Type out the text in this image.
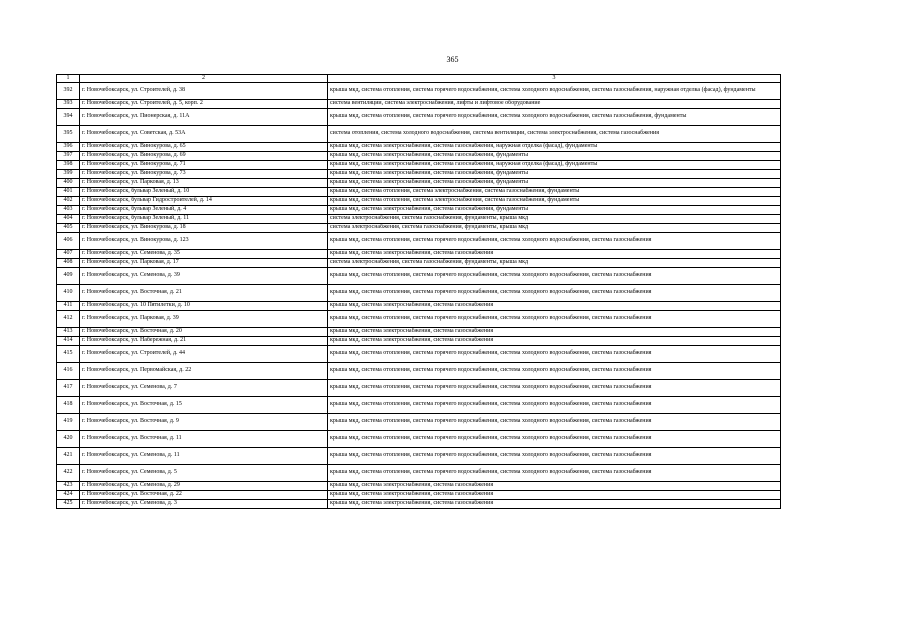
365
1	2	3
392	г. Новочебоксарск, ул. Строителей, д. 38	крыша мкд, система отопления, система горячего водоснабжения, система холодного водоснабжения, система газоснабжения, наружная отделка (фасад), фундаменты
393	г. Новочебоксарск, ул. Строителей, д. 5, корп. 2	система вентиляции, система электроснабжения, лифты и лифтовое оборудование
394	г. Новочебоксарск, ул. Пионерская, д. 11А	крыша мкд, система отопления, система горячего водоснабжения, система холодного водоснабжения, система газоснабжения, фундаменты
395	г. Новочебоксарск, ул. Советская, д. 53А	система отопления, система холодного водоснабжения, система вентиляции, система электроснабжения, система газоснабжения
396	г. Новочебоксарск, ул. Винокурова, д. 65	крыша мкд, система электроснабжения, система газоснабжения, наружная отделка (фасад), фундаменты
397	г. Новочебоксарск, ул. Винокурова, д. 69	крыша мкд, система электроснабжения, система газоснабжения, фундаменты
398	г. Новочебоксарск, ул. Винокурова, д. 71	крыша мкд, система электроснабжения, система газоснабжения, наружная отделка (фасад), фундаменты
399	г. Новочебоксарск, ул. Винокурова, д. 73	крыша мкд, система электроснабжения, система газоснабжения, фундаменты
400	г. Новочебоксарск, ул. Парковая, д. 13	крыша мкд, система электроснабжения, система газоснабжения, фундаменты
401	г. Новочебоксарск, бульвар Зеленый, д. 10	крыша мкд, система отопления, система электроснабжения, система газоснабжения, фундаменты
402	г. Новочебоксарск, бульвар Гидростроителей, д. 14	крыша мкд, система отопления, система электроснабжения, система газоснабжения, фундаменты
403	г. Новочебоксарск, бульвар Зеленый, д. 4	крыша мкд, система электроснабжения, система газоснабжения, фундаменты
404	г. Новочебоксарск, бульвар Зеленый, д. 11	система электроснабжения, система газоснабжения, фундаменты, крыша мкд
405	г. Новочебоксарск, ул. Винокурова, д. 18	система электроснабжения, система газоснабжения, фундаменты, крыша мкд
406	г. Новочебоксарск, ул. Винокурова, д. 123	крыша мкд, система отопления, система горячего водоснабжения, система холодного водоснабжения, система газоснабжения
407	г. Новочебоксарск, ул. Семенова, д. 35	крыша мкд, система электроснабжения, система газоснабжения
408	г. Новочебоксарск, ул. Парковая, д. 17	система электроснабжения, система газоснабжения, фундаменты, крыша мкд
409	г. Новочебоксарск, ул. Семенова, д. 39	крыша мкд, система отопления, система горячего водоснабжения, система холодного водоснабжения, система газоснабжения
410	г. Новочебоксарск, ул. Восточная, д. 21	крыша мкд, система отопления, система горячего водоснабжения, система холодного водоснабжения, система газоснабжения
411	г. Новочебоксарск, ул. 10 Пятилетки, д. 10	крыша мкд, система электроснабжения, система газоснабжения
412	г. Новочебоксарск, ул. Парковая, д. 39	крыша мкд, система отопления, система горячего водоснабжения, система холодного водоснабжения, система газоснабжения
413	г. Новочебоксарск, ул. Восточная, д. 20	крыша мкд, система электроснабжения, система газоснабжения
414	г. Новочебоксарск, ул. Набережная, д. 21	крыша мкд, система электроснабжения, система газоснабжения
415	г. Новочебоксарск, ул. Строителей, д. 44	крыша мкд, система отопления, система горячего водоснабжения, система холодного водоснабжения, система газоснабжения
416	г. Новочебоксарск, ул. Первомайская, д. 22	крыша мкд, система отопления, система горячего водоснабжения, система холодного водоснабжения, система газоснабжения
417	г. Новочебоксарск, ул. Семенова, д. 7	крыша мкд, система отопления, система горячего водоснабжения, система холодного водоснабжения, система газоснабжения
418	г. Новочебоксарск, ул. Восточная, д. 15	крыша мкд, система отопления, система горячего водоснабжения, система холодного водоснабжения, система газоснабжения
419	г. Новочебоксарск, ул. Восточная, д. 9	крыша мкд, система отопления, система горячего водоснабжения, система холодного водоснабжения, система газоснабжения
420	г. Новочебоксарск, ул. Восточная, д. 11	крыша мкд, система отопления, система горячего водоснабжения, система холодного водоснабжения, система газоснабжения
421	г. Новочебоксарск, ул. Семенова, д. 11	крыша мкд, система отопления, система горячего водоснабжения, система холодного водоснабжения, система газоснабжения
422	г. Новочебоксарск, ул. Семенова, д. 5	крыша мкд, система отопления, система горячего водоснабжения, система холодного водоснабжения, система газоснабжения
423	г. Новочебоксарск, ул. Семенова, д. 29	крыша мкд, система электроснабжения, система газоснабжения
424	г. Новочебоксарск, ул. Восточная, д. 22	крыша мкд, система электроснабжения, система газоснабжения
425	г. Новочебоксарск, ул. Семенова, д. 3	крыша мкд, система электроснабжения, система газоснабжения
